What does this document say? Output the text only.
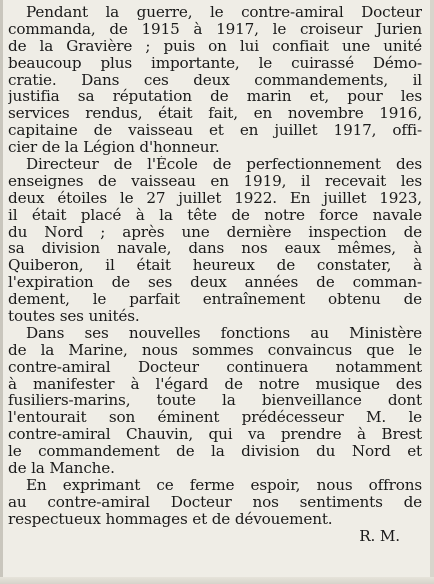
Pendant la guerre, le contre-amiral Docteur
commanda, de 1915 à 1917, le croiseur Jurien
de la Gravière ; puis on lui confiait une unité
beaucoup plus importante, le cuirassé Démo-
cratie. Dans ces deux commandements, il
justifia sa réputation de marin et, pour les
services rendus, était fait, en novembre 1916,
capitaine de vaisseau et en juillet 1917, offi-
cier de la Légion d'honneur.

Directeur de l'École de perfectionnement des
enseignes de vaisseau en 1919, il recevait les
deux étoiles le 27 juillet 1922. En juillet 1923,
il était placé à la tête de notre force navale
du Nord ; après une dernière inspection de
sa division navale, dans nos eaux mêmes, à
Quiberon, il était heureux de constater, à
l'expiration de ses deux années de comman-
dement, le parfait entraînement obtenu de
toutes ses unités.

Dans ses nouvelles fonctions au Ministère
de la Marine, nous sommes convaincus que le
contre-amiral Docteur continuera notamment
à manifester à l'égard de notre musique des
fusiliers-marins, toute la bienveillance dont
l'entourait son éminent prédécesseur M. le
contre-amiral Chauvin, qui va prendre à Brest
le commandement de la division du Nord et
de la Manche.

En exprimant ce ferme espoir, nous offrons
au contre-amiral Docteur nos sentiments de
respectueux hommages et de dévouement.

R. M.
